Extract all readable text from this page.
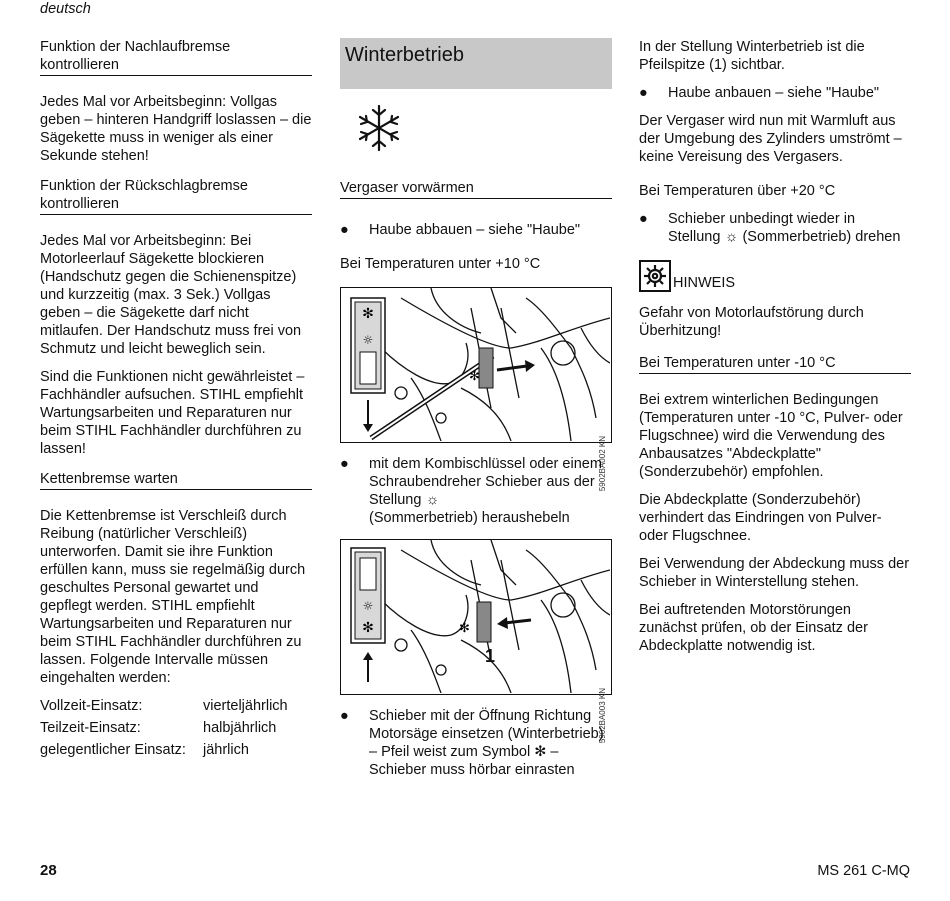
deutsch

Funktion der Nachlaufbremse kontrollieren

Jedes Mal vor Arbeitsbeginn: Vollgas geben – hinteren Handgriff loslassen – die Sägekette muss in weniger als einer Sekunde stehen!

Funktion der Rückschlagbremse kontrollieren

Jedes Mal vor Arbeitsbeginn: Bei Motorleerlauf Sägekette blockieren (Handschutz gegen die Schienenspitze) und kurzzeitig (max. 3 Sek.) Vollgas geben – die Sägekette darf nicht mitlaufen. Der Handschutz muss frei von Schmutz und leicht beweglich sein.

Sind die Funktionen nicht gewährleistet – Fachhändler aufsuchen. STIHL empfiehlt Wartungsarbeiten und Reparaturen nur beim STIHL Fachhändler durchführen zu lassen!

Kettenbremse warten

Die Kettenbremse ist Verschleiß durch Reibung (natürlicher Verschleiß) unterworfen. Damit sie ihre Funktion erfüllen kann, muss sie regelmäßig durch geschultes Personal gewartet und gepflegt werden. STIHL empfiehlt Wartungsarbeiten und Reparaturen nur beim STIHL Fachhändler durchführen zu lassen. Folgende Intervalle müssen eingehalten werden:

Vollzeit-Einsatz:	vierteljährlich
Teilzeit-Einsatz:	halbjährlich
gelegentlicher Einsatz:	jährlich
Winterbetrieb

Vergaser vorwärmen

● Haube abbauen – siehe "Haube"

Bei Temperaturen unter +10 °C

✻
☼
✻
5902BA002 KN
● mit dem Kombischlüssel oder einem Schraubendreher Schieber aus der Stellung ☼
(Sommerbetrieb) heraushebeln
☼
✻	✻
1
5902BA003 KN
● Schieber mit der Öffnung Richtung Motorsäge einsetzen (Winterbetrieb) – Pfeil weist zum Symbol ✻ – Schieber muss hörbar einrasten

In der Stellung Winterbetrieb ist die Pfeilspitze (1) sichtbar.

● Haube anbauen – siehe "Haube"

Der Vergaser wird nun mit Warmluft aus der Umgebung des Zylinders umströmt – keine Vereisung des Vergasers.

Bei Temperaturen über +20 °C

● Schieber unbedingt wieder in Stellung ☼ (Sommerbetrieb) drehen
HINWEIS

Gefahr von Motorlaufstörung durch Überhitzung!

Bei Temperaturen unter -10 °C

Bei extrem winterlichen Bedingungen (Temperaturen unter -10 °C, Pulver- oder Flugschnee) wird die Verwendung des Anbausatzes "Abdeckplatte" (Sonderzubehör) empfohlen.

Die Abdeckplatte (Sonderzubehör) verhindert das Eindringen von Pulver- oder Flugschnee.

Bei Verwendung der Abdeckung muss der Schieber in Winterstellung stehen.

Bei auftretenden Motorstörungen zunächst prüfen, ob der Einsatz der Abdeckplatte notwendig ist.

28	MS 261 C-MQ
